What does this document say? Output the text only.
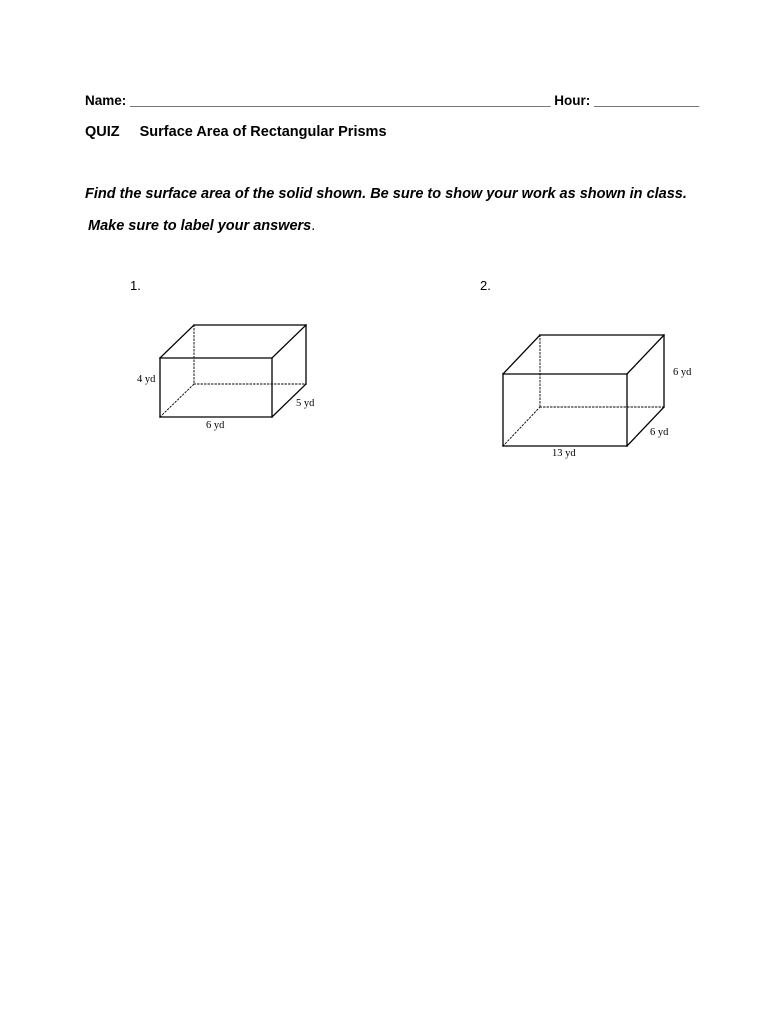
Name: ________________________________________________________ Hour: ______________
QUIZ Surface Area of Rectangular Prisms
Find the surface area of the solid shown. Be sure to show your work as shown in class.
Make sure to label your answers.
1.
4 yd
5 yd
6 yd
2.
6 yd
6 yd
13 yd
